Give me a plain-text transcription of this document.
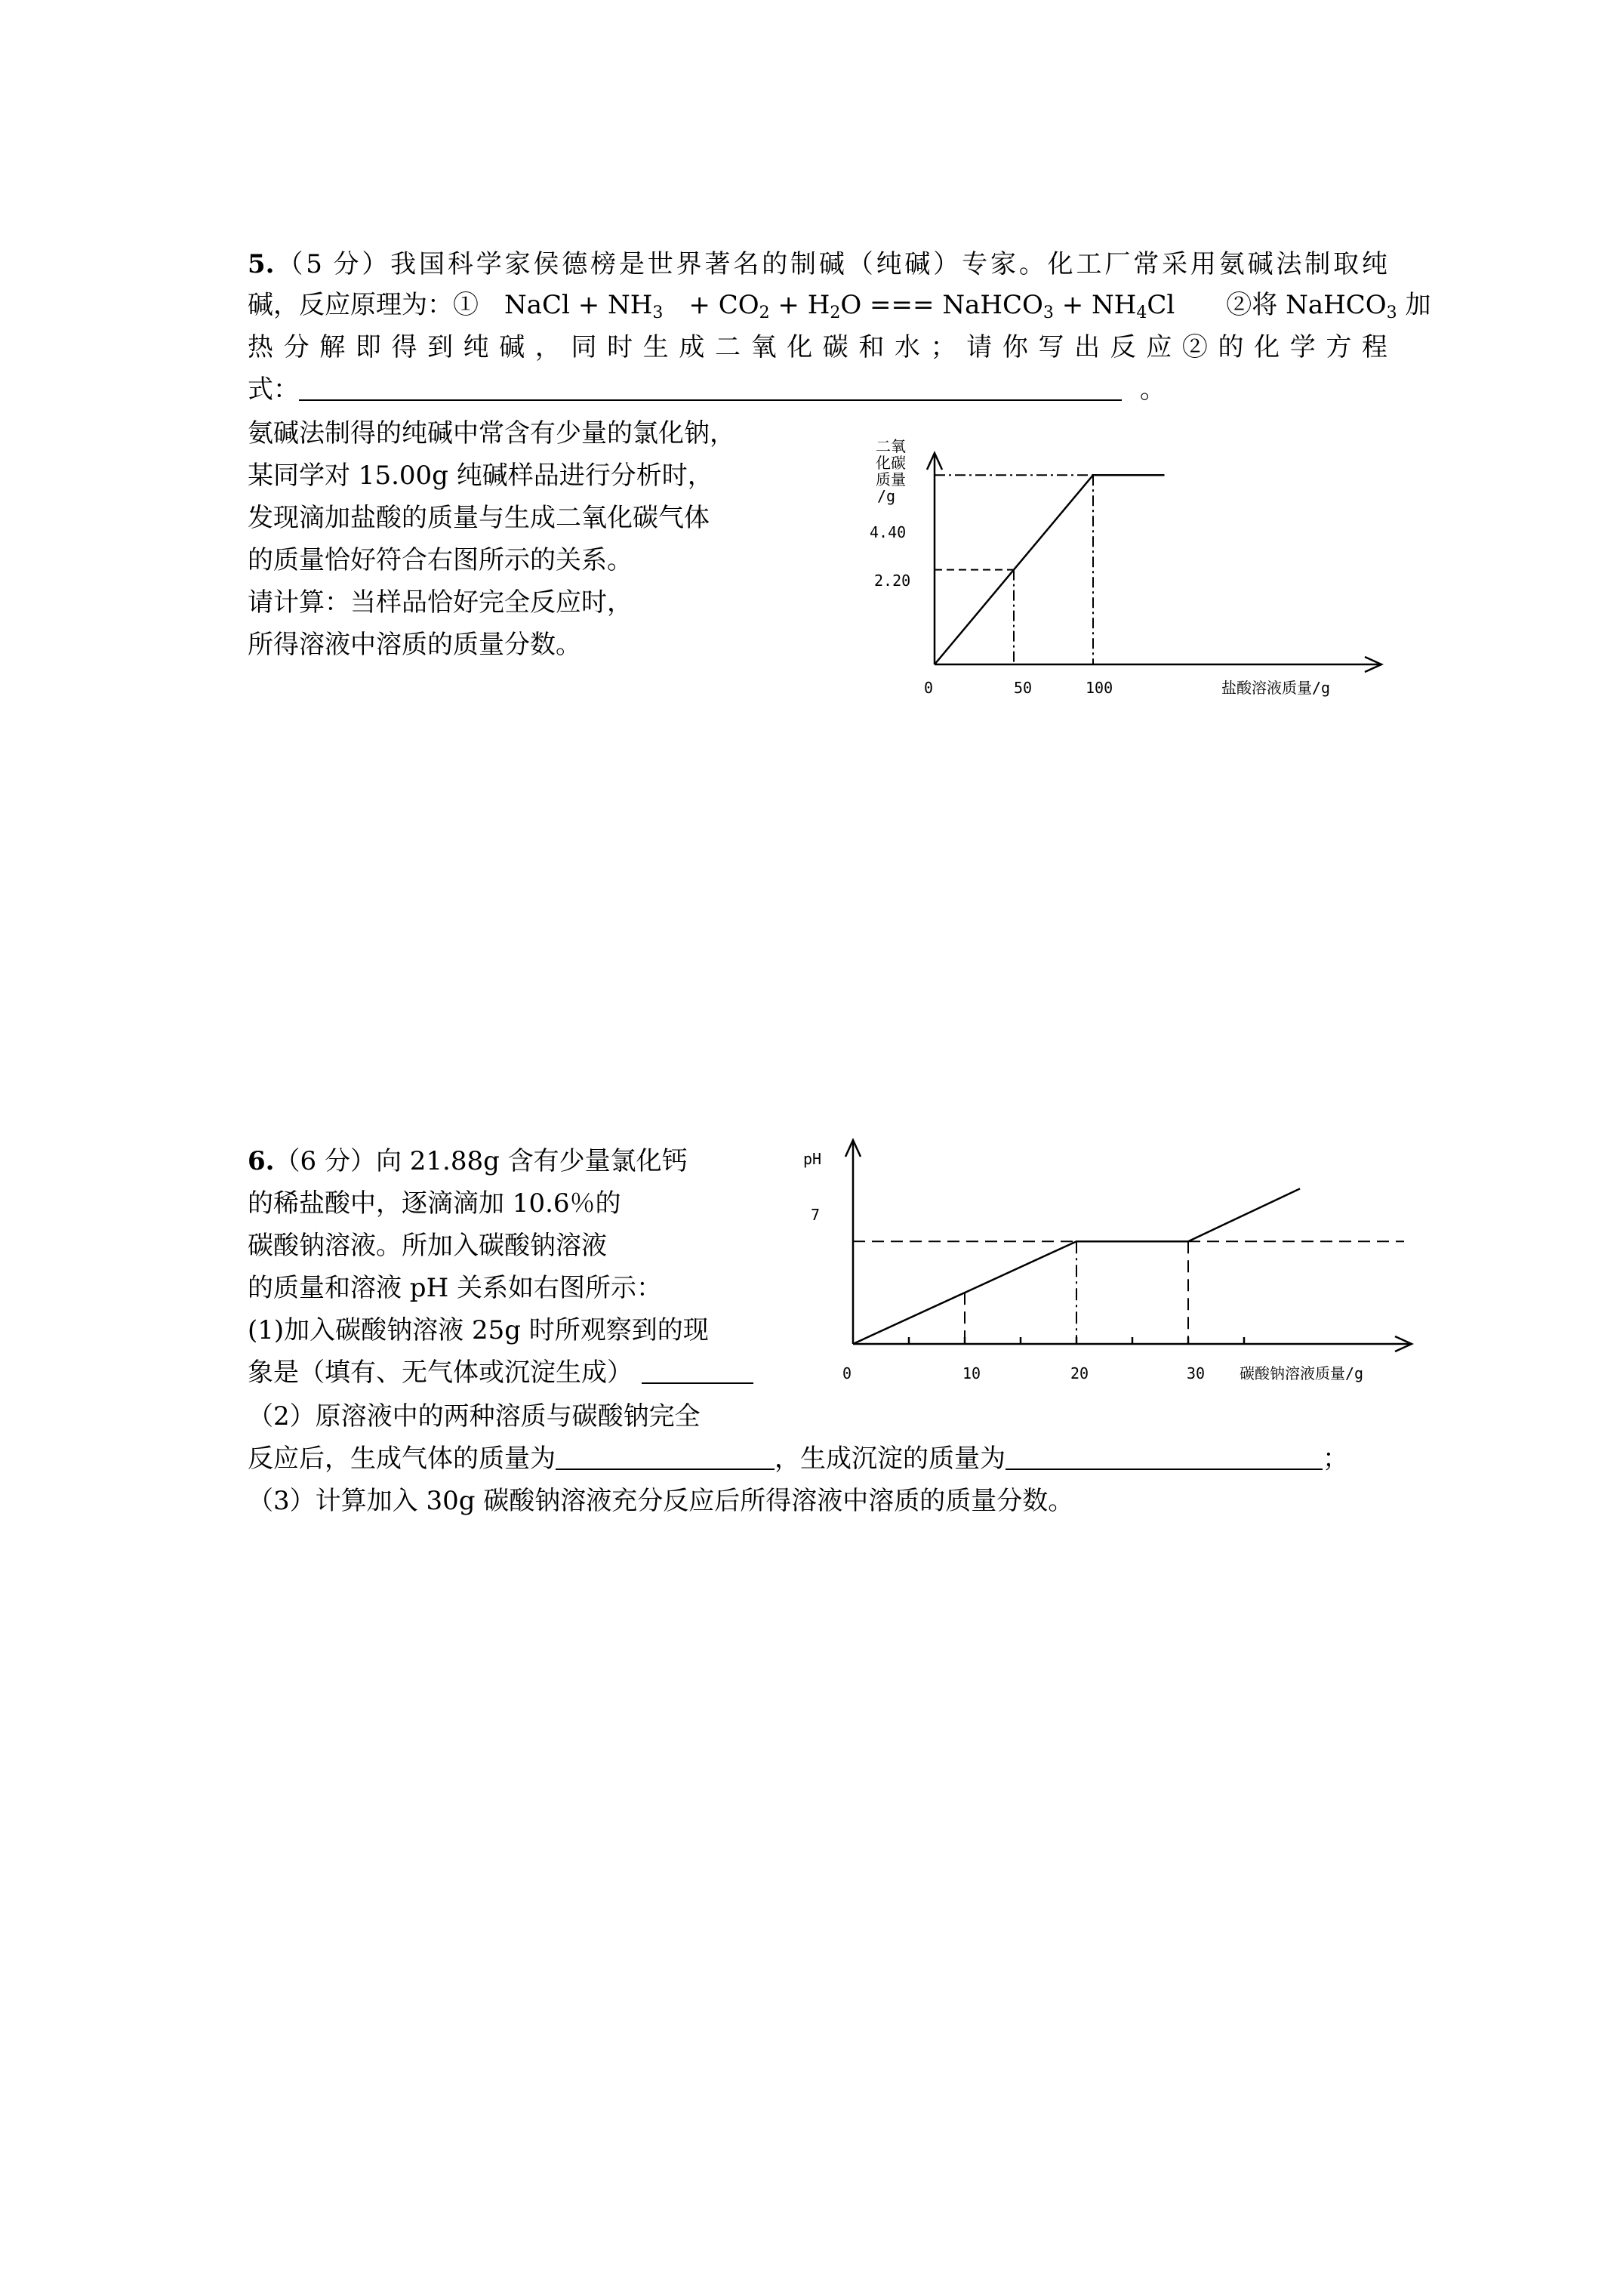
5.（5 分）我国科学家侯德榜是世界著名的制碱（纯碱）专家。化工厂常采用氨碱法制取纯
碱，反应原理为：①　NaCl + $NH_3$　+ $CO_2 + H_2O$ === NaHCO$_3$ + $NH_4Cl$　　②将 NaHCO$_3$ 加
热分解即得到纯碱，同时生成二氧化碳和水；请你写出反应②的化学方程
式：	。
氨碱法制得的纯碱中常含有少量的氯化钠，
某同学对 15.00g 纯碱样品进行分析时，
发现滴加盐酸的质量与生成二氧化碳气体
的质量恰好符合右图所示的关系。
请计算：当样品恰好完全反应时，
所得溶液中溶质的质量分数。
二氧
化碳
质量
/g
4.40
2.20
0	50	100	盐酸溶液质量/g
6.（6 分）向 21.88g 含有少量氯化钙
的稀盐酸中，逐滴滴加 10.6％的
碳酸钠溶液。所加入碳酸钠溶液
的质量和溶液 pH 关系如右图所示：
(1)加入碳酸钠溶液 25g 时所观察到的现
象是（填有、无气体或沉淀生成）
（2）原溶液中的两种溶质与碳酸钠完全
反应后，生成气体的质量为	，生成沉淀的质量为	；
（3）计算加入 30g 碳酸钠溶液充分反应后所得溶液中溶质的质量分数。
pH
7
0	10	20	30 碳酸钠溶液质量/g
